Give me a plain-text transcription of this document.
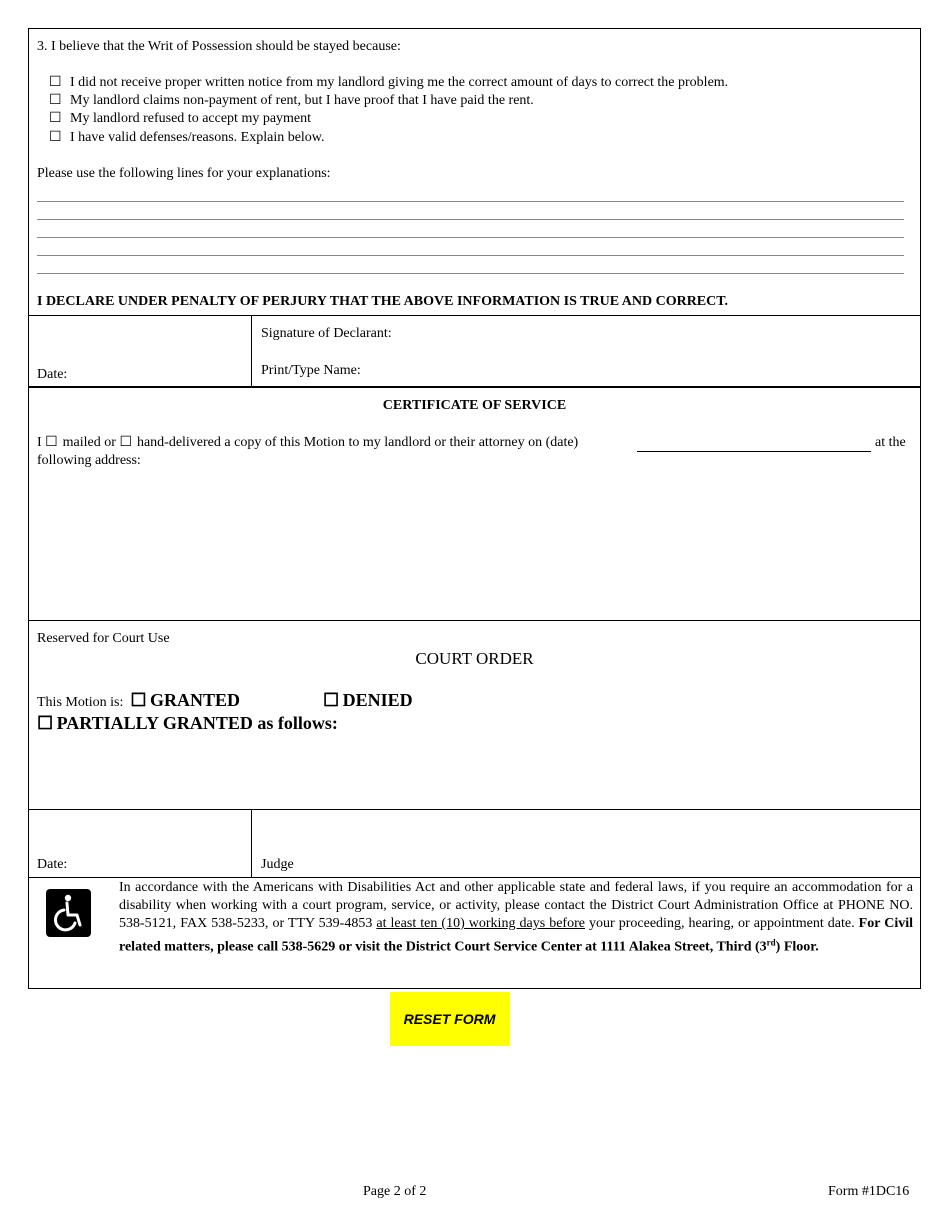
3. I believe that the Writ of Possession should be stayed because:
☐ I did not receive proper written notice from my landlord giving me the correct amount of days to correct the problem.
☐ My landlord claims non-payment of rent, but I have proof that I have paid the rent.
☐ My landlord refused to accept my payment
☐ I have valid defenses/reasons. Explain below.
Please use the following lines for your explanations:
I DECLARE UNDER PENALTY OF PERJURY THAT THE ABOVE INFORMATION IS TRUE AND CORRECT.
Signature of Declarant:
Print/Type Name:
Date:
CERTIFICATE OF SERVICE
I ☐ mailed or ☐ hand-delivered a copy of this Motion to my landlord or their attorney on (date)	at the
following address:
Reserved for Court Use
COURT ORDER
This Motion is: ☐ GRANTED	☐ DENIED
☐ PARTIALLY GRANTED as follows:
Date:	Judge
In accordance with the Americans with Disabilities Act and other applicable state and federal laws, if you require an accommodation for a disability when working with a court program, service, or activity, please contact the District Court Administration Office at PHONE NO. 538-5121, FAX 538-5233, or TTY 539-4853 at least ten (10) working days before your proceeding, hearing, or appointment date. For Civil related matters, please call 538-5629 or visit the District Court Service Center at 1111 Alakea Street, Third (3rd) Floor.
RESET FORM
Page 2 of 2	Form #1DC16
